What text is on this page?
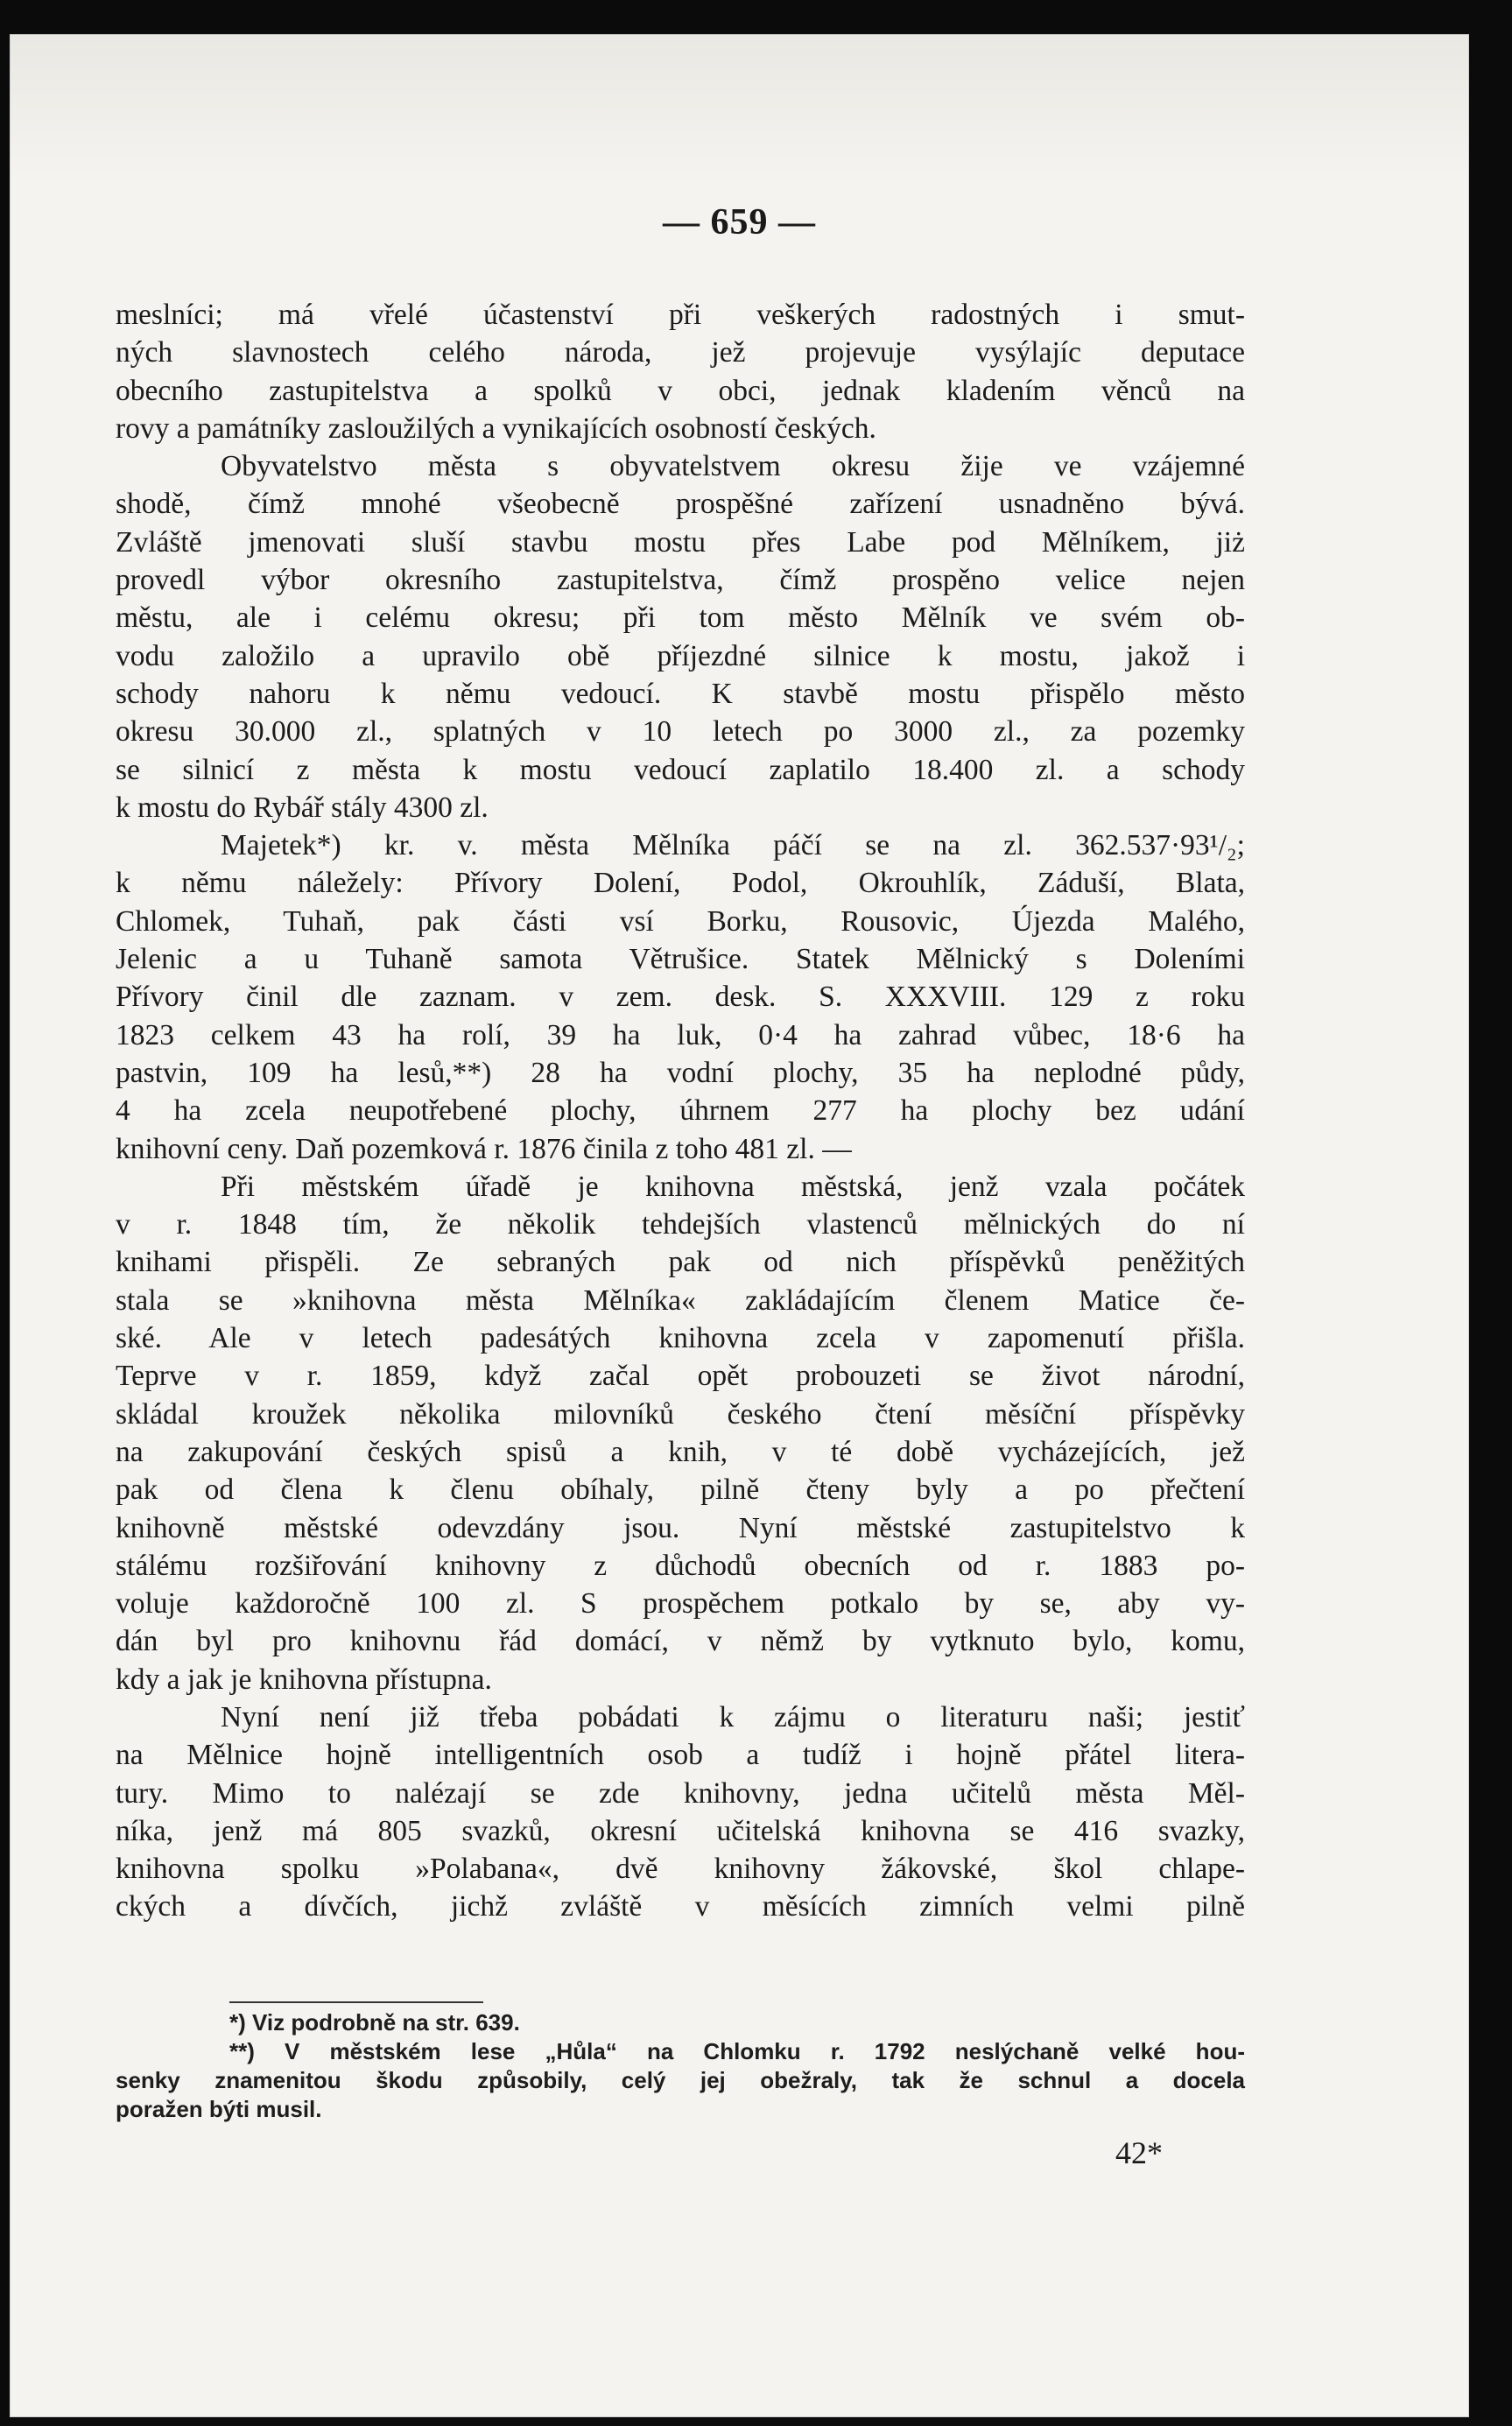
— 659 —
meslníci; má vřelé účastenství při veškerých radostných i smut-
ných slavnostech celého národa, jež projevuje vysýlajíc deputace
obecního zastupitelstva a spolků v obci, jednak kladením věnců na
rovy a památníky zasloužilých a vynikajících osobností českých.
Obyvatelstvo města s obyvatelstvem okresu žije ve vzájemné
shodě, čímž mnohé všeobecně prospěšné zařízení usnadněno bývá.
Zvláště jmenovati sluší stavbu mostu přes Labe pod Mělníkem, jiż
provedl výbor okresního zastupitelstva, čímž prospěno velice nejen
městu, ale i celému okresu; při tom město Mělník ve svém ob-
vodu založilo a upravilo obě příjezdné silnice k mostu, jakož i
schody nahoru k němu vedoucí. K stavbě mostu přispělo město
okresu 30.000 zl., splatných v 10 letech po 3000 zl., za pozemky
se silnicí z města k mostu vedoucí zaplatilo 18.400 zl. a schody
k mostu do Rybář stály 4300 zl.
Majetek*) kr. v. města Mělníka páčí se na zl. 362.537·93¹/₂;
k němu náležely: Přívory Dolení, Podol, Okrouhlík, Záduší, Blata,
Chlomek, Tuhaň, pak části vsí Borku, Rousovic, Újezda Malého,
Jelenic a u Tuhaně samota Větrušice. Statek Mělnický s Doleními
Přívory činil dle zaznam. v zem. desk. S. XXXVIII. 129 z roku
1823 celkem 43 ha rolí, 39 ha luk, 0·4 ha zahrad vůbec, 18·6 ha
pastvin, 109 ha lesů,**) 28 ha vodní plochy, 35 ha neplodné půdy,
4 ha zcela neupotřebené plochy, úhrnem 277 ha plochy bez udání
knihovní ceny. Daň pozemková r. 1876 činila z toho 481 zl. —
Při městském úřadě je knihovna městská, jenž vzala počátek
v r. 1848 tím, že několik tehdejších vlastenců mělnických do ní
knihami přispěli. Ze sebraných pak od nich příspěvků peněžitých
stala se »knihovna města Mělníka« zakládajícím členem Matice če-
ské. Ale v letech padesátých knihovna zcela v zapomenutí přišla.
Teprve v r. 1859, když začal opět probouzeti se život národní,
skládal kroužek několika milovníků českého čtení měsíční příspěvky
na zakupování českých spisů a knih, v té době vycházejících, jež
pak od člena k členu obíhaly, pilně čteny byly a po přečtení
knihovně městské odevzdány jsou. Nyní městské zastupitelstvo k
stálému rozšiřování knihovny z důchodů obecních od r. 1883 po-
voluje každoročně 100 zl. S prospěchem potkalo by se, aby vy-
dán byl pro knihovnu řád domácí, v němž by vytknuto bylo, komu,
kdy a jak je knihovna přístupna.
Nyní není již třeba pobádati k zájmu o literaturu naši; jestiť
na Mělnice hojně intelligentních osob a tudíž i hojně přátel litera-
tury. Mimo to nalézají se zde knihovny, jedna učitelů města Měl-
níka, jenž má 805 svazků, okresní učitelská knihovna se 416 svazky,
knihovna spolku »Polabana«, dvě knihovny žákovské, škol chlape-
ckých a dívčích, jichž zvláště v měsících zimních velmi pilně
*) Viz podrobně na str. 639.
**) V městském lese „Hůla“ na Chlomku r. 1792 neslýchaně velké hou-
senky znamenitou škodu způsobily, celý jej obežraly, tak že schnul a docela
poražen býti musil.
42*
